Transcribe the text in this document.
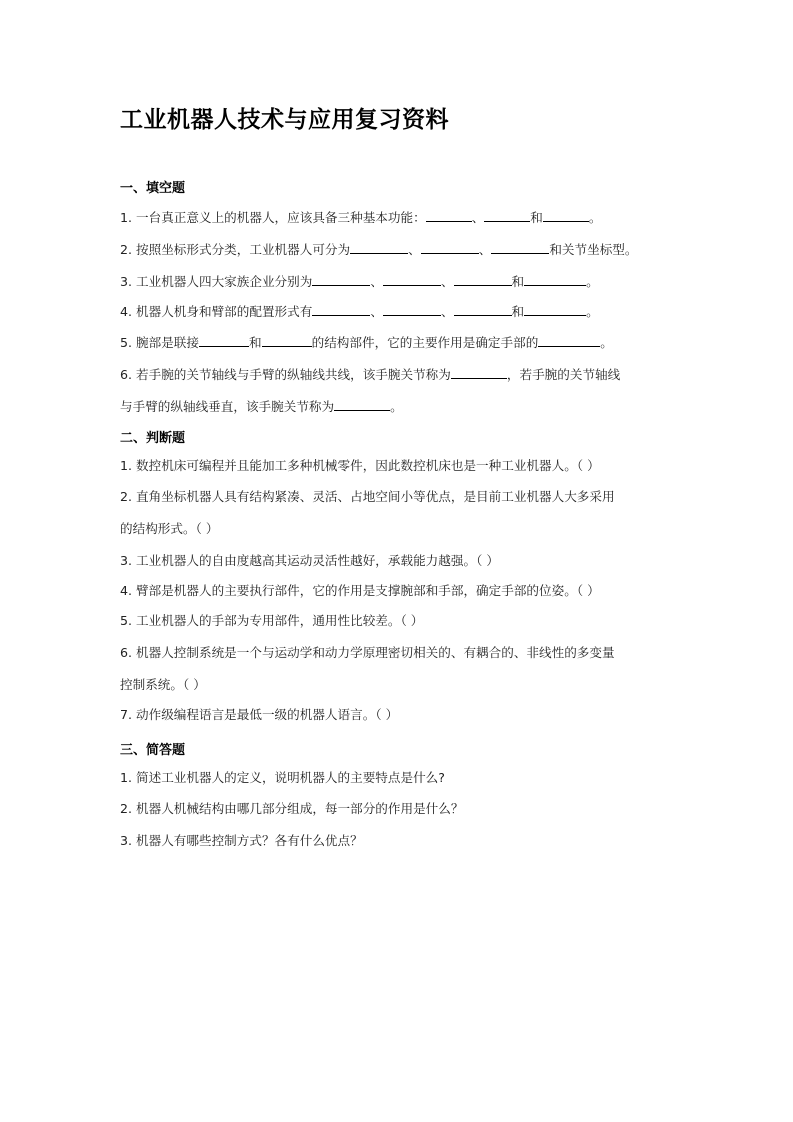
工业机器人技术与应用复习资料
一、填空题
1. 一台真正意义上的机器人，应该具备三种基本功能：	、	和	。
2. 按照坐标形式分类，工业机器人可分为	、	、	和关节坐标型。
3. 工业机器人四大家族企业分别为	、	、	和	。
4. 机器人机身和臂部的配置形式有	、	、	和	。
5. 腕部是联接	和	的结构部件，它的主要作用是确定手部的	。
6. 若手腕的关节轴线与手臂的纵轴线共线，该手腕关节称为	，若手腕的关节轴线
与手臂的纵轴线垂直，该手腕关节称为	。
二、判断题
1. 数控机床可编程并且能加工多种机械零件，因此数控机床也是一种工业机器人。（ ）
2. 直角坐标机器人具有结构紧凑、灵活、占地空间小等优点，是目前工业机器人大多采用
的结构形式。（ ）
3. 工业机器人的自由度越高其运动灵活性越好，承载能力越强。（ ）
4. 臂部是机器人的主要执行部件，它的作用是支撑腕部和手部，确定手部的位姿。（ ）
5. 工业机器人的手部为专用部件，通用性比较差。（ ）
6. 机器人控制系统是一个与运动学和动力学原理密切相关的、有耦合的、非线性的多变量
控制系统。（ ）
7. 动作级编程语言是最低一级的机器人语言。（ ）
三、简答题
1. 简述工业机器人的定义，说明机器人的主要特点是什么?
2. 机器人机械结构由哪几部分组成，每一部分的作用是什么？
3. 机器人有哪些控制方式？各有什么优点？
